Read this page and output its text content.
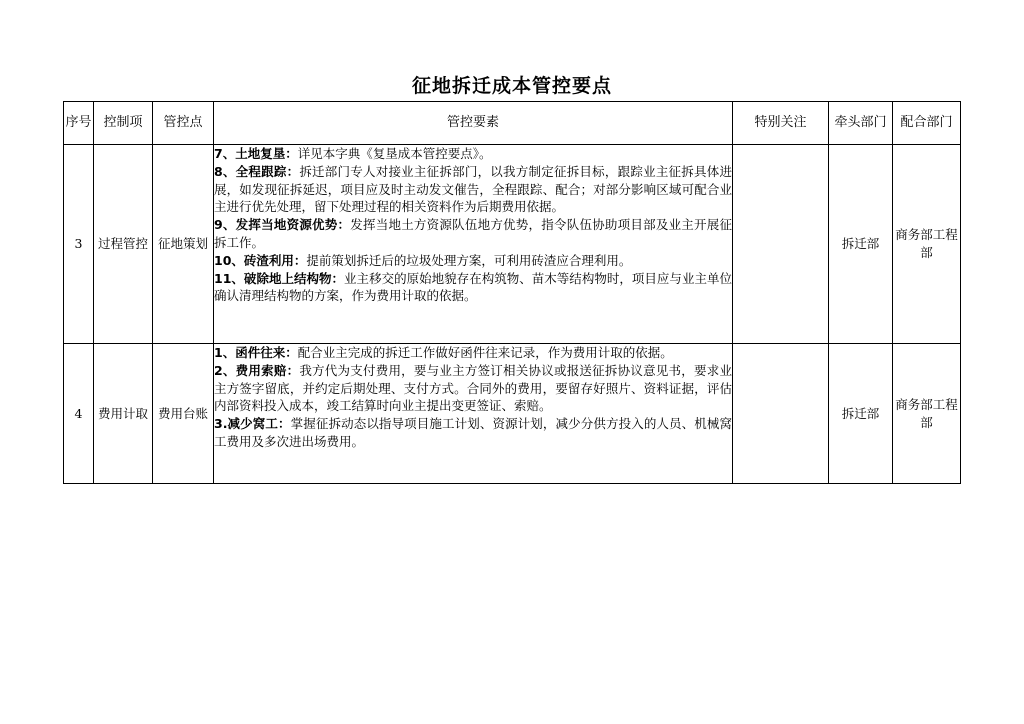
征地拆迁成本管控要点
序号	控制项	管控点	管控要素	特别关注	牵头部门	配合部门
3	过程管控	征地策划	7、土地复垦：详见本字典《复垦成本管控要点》。

8、全程跟踪：拆迁部门专人对接业主征拆部门，以我方制定征拆目标，跟踪业主征拆具体进展，如发现征拆延迟，项目应及时主动发文催告，全程跟踪、配合；对部分影响区域可配合业主进行优先处理，留下处理过程的相关资料作为后期费用依据。

9、发挥当地资源优势：发挥当地土方资源队伍地方优势，指令队伍协助项目部及业主开展征拆工作。

10、砖渣利用：提前策划拆迁后的垃圾处理方案，可利用砖渣应合理利用。

11、破除地上结构物：业主移交的原始地貌存在构筑物、苗木等结构物时，项目应与业主单位确认清理结构物的方案，作为费用计取的依据。		拆迁部	商务部工程部
4	费用计取	费用台账	1、函件往来：配合业主完成的拆迁工作做好函件往来记录，作为费用计取的依据。

2、费用索赔：我方代为支付费用，要与业主方签订相关协议或报送征拆协议意见书，要求业主方签字留底，并约定后期处理、支付方式。合同外的费用，要留存好照片、资料证据，评估内部资料投入成本，竣工结算时向业主提出变更签证、索赔。

3.减少窝工：掌握征拆动态以指导项目施工计划、资源计划，减少分供方投入的人员、机械窝工费用及多次进出场费用。		拆迁部	商务部工程部
